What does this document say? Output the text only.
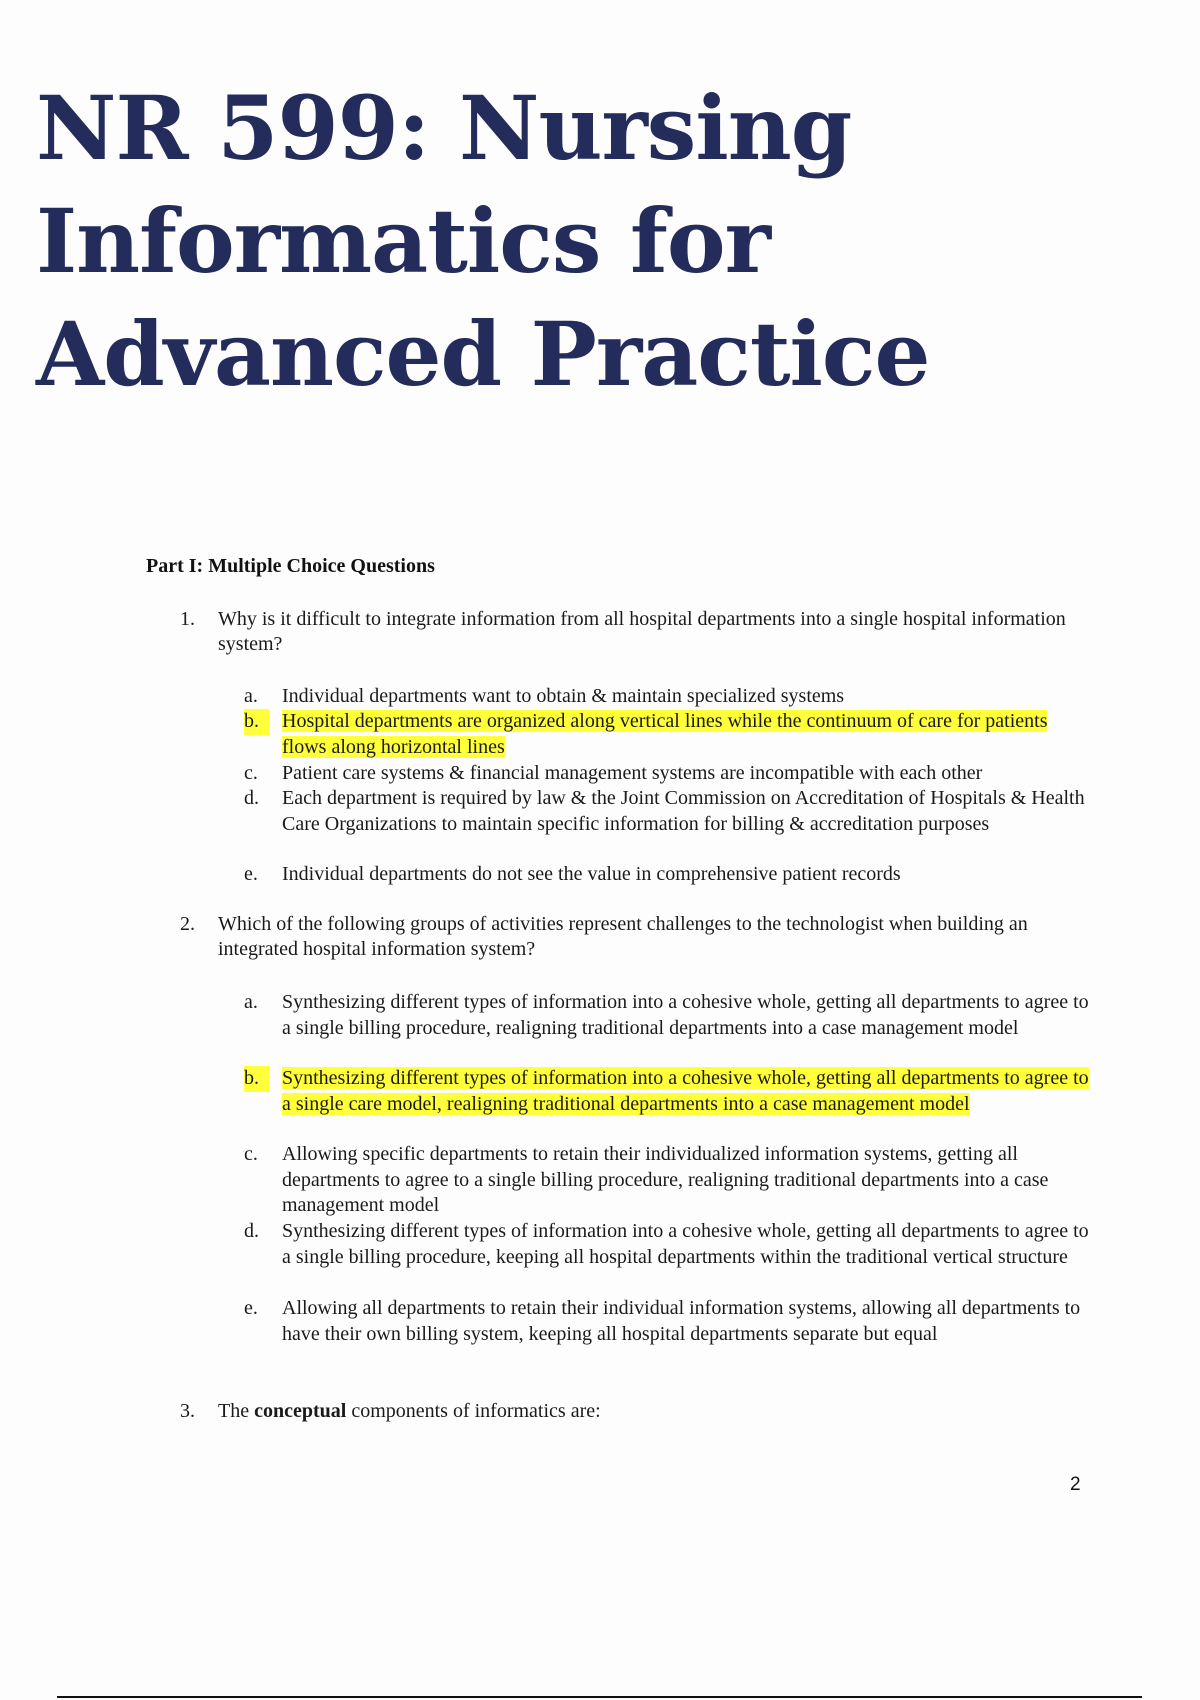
NR 599: Nursing Informatics for Advanced Practice
Part I: Multiple Choice Questions
1. Why is it difficult to integrate information from all hospital departments into a single hospital information system?
a. Individual departments want to obtain & maintain specialized systems
b.	Hospital departments are organized along vertical lines while the continuum of care for patients flows along horizontal lines
c. Patient care systems & financial management systems are incompatible with each other
d. Each department is required by law & the Joint Commission on Accreditation of Hospitals & Health Care Organizations to maintain specific information for billing & accreditation purposes
e. Individual departments do not see the value in comprehensive patient records
2. Which of the following groups of activities represent challenges to the technologist when building an integrated hospital information system?
a. Synthesizing different types of information into a cohesive whole, getting all departments to agree to a single billing procedure, realigning traditional departments into a case management model
b.	Synthesizing different types of information into a cohesive whole, getting all departments to agree to a single care model, realigning traditional departments into a case management model
c. Allowing specific departments to retain their individualized information systems, getting all departments to agree to a single billing procedure, realigning traditional departments into a case management model
d. Synthesizing different types of information into a cohesive whole, getting all departments to agree to a single billing procedure, keeping all hospital departments within the traditional vertical structure
e. Allowing all departments to retain their individual information systems, allowing all departments to have their own billing system, keeping all hospital departments separate but equal
3. The conceptual components of informatics are:
2
